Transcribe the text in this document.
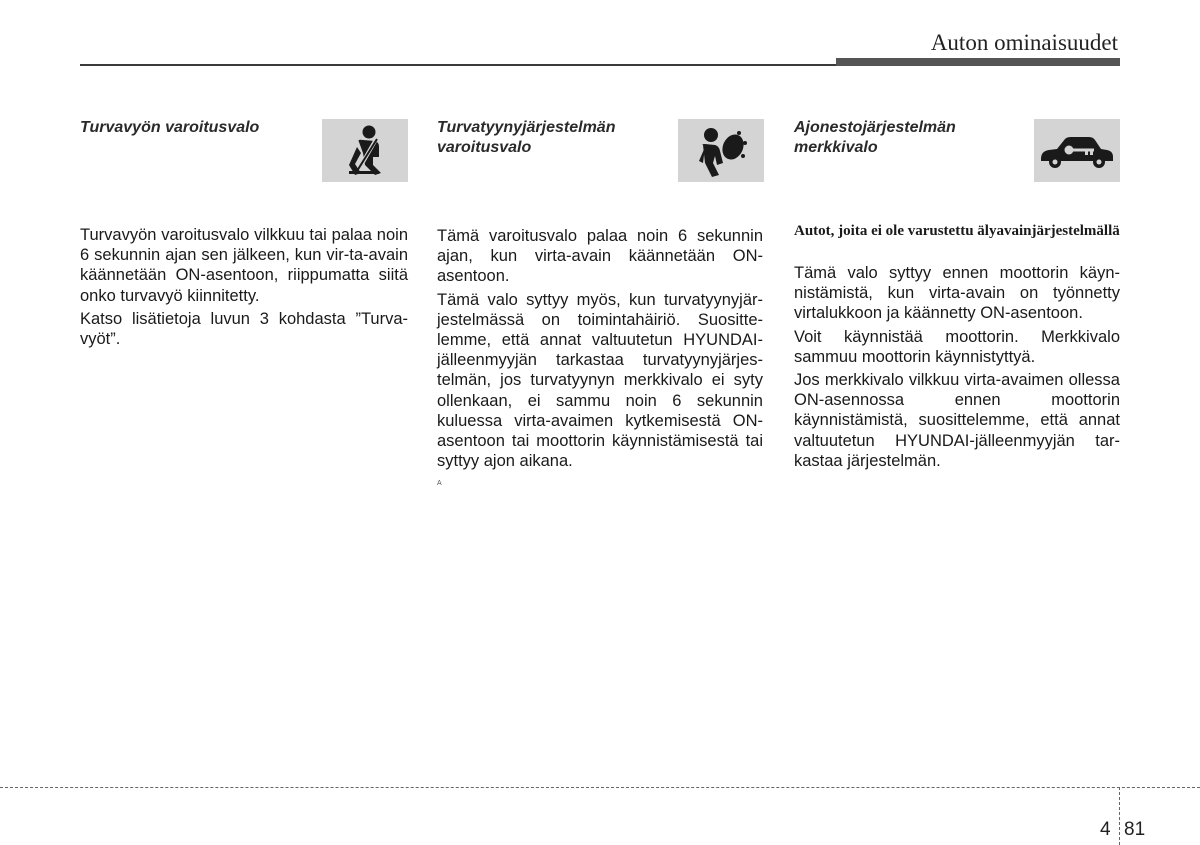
Auton ominaisuudet
Turvavyön varoitusvalo

Turvavyön varoitusvalo vilkkuu tai palaa noin 6 sekunnin ajan sen jälkeen, kun vir-ta-avain käännetään ON-asentoon, riippumatta siitä onko turvavyö kiinnitetty.

Katso lisätietoja luvun 3 kohdasta ”Turva-vyöt”.

Turvatyynyjärjestelmän varoitusvalo

Tämä varoitusvalo palaa noin 6 sekunnin ajan, kun virta-avain käännetään ON-asentoon.

Tämä valo syttyy myös, kun turvatyynyjär-jestelmässä on toimintahäiriö. Suositte-lemme, että annat valtuutetun HYUNDAI-jälleenmyyjän tarkastaa turvatyynyjärjes-telmän, jos turvatyynyn merkkivalo ei syty ollenkaan, ei sammu noin 6 sekunnin kuluessa virta-avaimen kytkemisestä ON-asentoon tai moottorin käynnistämisestä tai syttyy ajon aikana.

A
Ajonestojärjestelmän merkkivalo
Autot, joita ei ole varustettu älyavainjärjestelmällä

Tämä valo syttyy ennen moottorin käyn-nistämistä, kun virta-avain on työnnetty virtalukkoon ja käännetty ON-asentoon.

Voit käynnistää moottorin. Merkkivalo sammuu moottorin käynnistyttyä.

Jos merkkivalo vilkkuu virta-avaimen ollessa ON-asennossa ennen moottorin käynnistämistä, suosittelemme, että annat valtuutetun HYUNDAI-jälleenmyyjän tar-kastaa järjestelmän.

4 81
